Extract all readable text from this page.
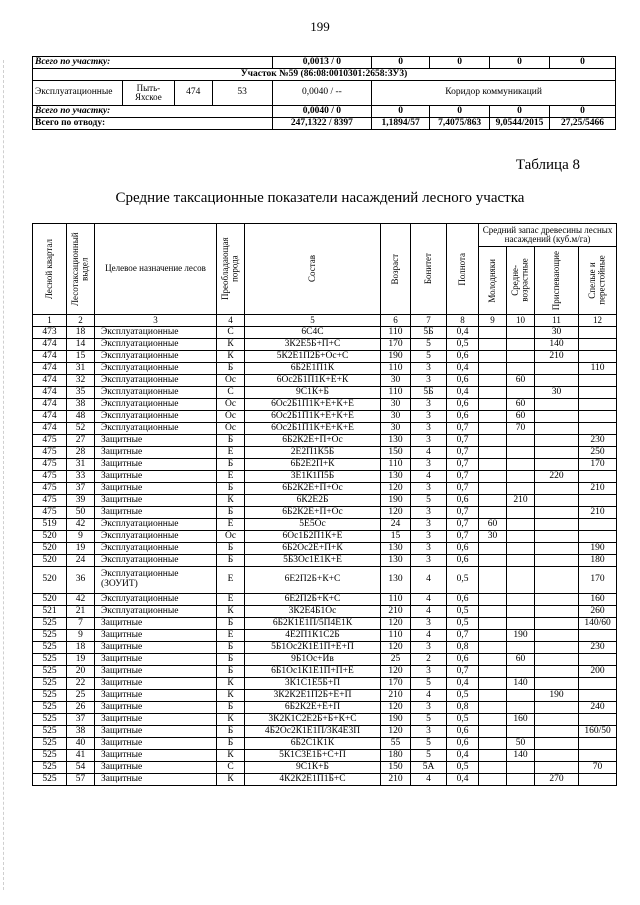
199
Всего по участку:				0,0013 / 0	0	0	0	0
Участок №59 (86:08:0010301:2658:ЗУ3)								
Эксплуатационные	Пыть-Яхское	474	53	0,0040 / --	Коридор коммуникаций			
Всего по участку:				0,0040 / 0	0	0	0	0
Всего по отводу:				247,1322 / 8397	1,1894/57	7,4075/863	9,0544/2015	27,25/5466
Таблица 8
Средние таксационные показатели насаждений лесного участка
Лесной квартал	Лесотаксационный выдел	Целевое назначение лесов	Преобладающая порода	Состав	Возраст	Бонитет	Полнота	Средний запас древесины лесных насаждений (куб.м/га)			

								Молодняки	Средне-возрастные	Приспевающие	Спелые и перестойные

1	2	3	4	5	6	7	8	9	10	11	12
473	18	Эксплуатационные	С	6С4С	110	5Б	0,4			30	
474	14	Эксплуатационные	К	3К2Е5Б+П+С	170	5	0,5			140	
474	15	Эксплуатационные	К	5К2Е1П2Б+Ос+С	190	5	0,6			210	
474	31	Эксплуатационные	Б	6Б2Е1П1К	110	3	0,4				110
474	32	Эксплуатационные	Ос	6Ос2Б1П1К+Е+К	30	3	0,6		60		
474	35	Эксплуатационные	С	9С1К+Б	110	5Б	0,4			30	
474	38	Эксплуатационные	Ос	6Ос2Б1П1К+Е+К+Е	30	3	0,6		60		
474	48	Эксплуатационные	Ос	6Ос2Б1П1К+Е+К+Е	30	3	0,6		60		
474	52	Эксплуатационные	Ос	6Ос2Б1П1К+Е+К+Е	30	3	0,7		70		
475	27	Защитные	Б	6Б2К2Е+П+Ос	130	3	0,7				230
475	28	Защитные	Е	2Е2П1К5Б	150	4	0,7				250
475	31	Защитные	Б	6Б2Е2П+К	110	3	0,7				170
475	33	Защитные	Е	3Е1К1П5Б	130	4	0,7			220	
475	37	Защитные	Б	6Б2К2Е+П+Ос	120	3	0,7				210
475	39	Защитные	К	6К2Е2Б	190	5	0,6		210		
475	50	Защитные	Б	6Б2К2Е+П+Ос	120	3	0,7				210
519	42	Эксплуатационные	Е	5Е5Ос	24	3	0,7	60			
520	9	Эксплуатационные	Ос	6Ос1Б2П1К+Е	15	3	0,7	30			
520	19	Эксплуатационные	Б	6Б2Ос2Е+П+К	130	3	0,6				190
520	24	Эксплуатационные	Б	5Б3Ос1Е1К+Е	130	3	0,6				180
520	36	Эксплуатационные (ЗОУИТ)	Е	6Е2П2Б+К+С	130	4	0,5				170
520	42	Эксплуатационные	Е	6Е2П2Б+К+С	110	4	0,6				160
521	21	Эксплуатационные	К	3К2Е4Б1Ос	210	4	0,5				260
525	7	Защитные	Б	6Б2К1Е1П/5П4Е1К	120	3	0,5				140/60
525	9	Защитные	Е	4Е2П1К1С2Б	110	4	0,7		190		
525	18	Защитные	Б	5Б1Ос2К1Е1П+Е+П	120	3	0,8				230
525	19	Защитные	Б	9Б1Ос+Ив	25	2	0,6		60		
525	20	Защитные	Б	6Б1Ос1К1Е1П+П+Е	120	3	0,7				200
525	22	Защитные	К	3К1С1Е5Б+П	170	5	0,4		140		
525	25	Защитные	К	3К2К2Е1П2Б+Е+П	210	4	0,5			190	
525	26	Защитные	Б	6Б2К2Е+Е+П	120	3	0,8				240
525	37	Защитные	К	3К2К1С2Е2Б+Б+К+С	190	5	0,5		160		
525	38	Защитные	Б	4Б2Ос2К1Е1П/3К4Е3П	120	3	0,6				160/50
525	40	Защитные	Б	6Б2С1К1К	55	5	0,6		50		
525	41	Защитные	К	5К1С3Е1Б+С+П	180	5	0,4		140		
525	54	Защитные	С	9С1К+Б	150	5А	0,5				70
525	57	Защитные	К	4К2К2Е1П1Б+С	210	4	0,4			270	
